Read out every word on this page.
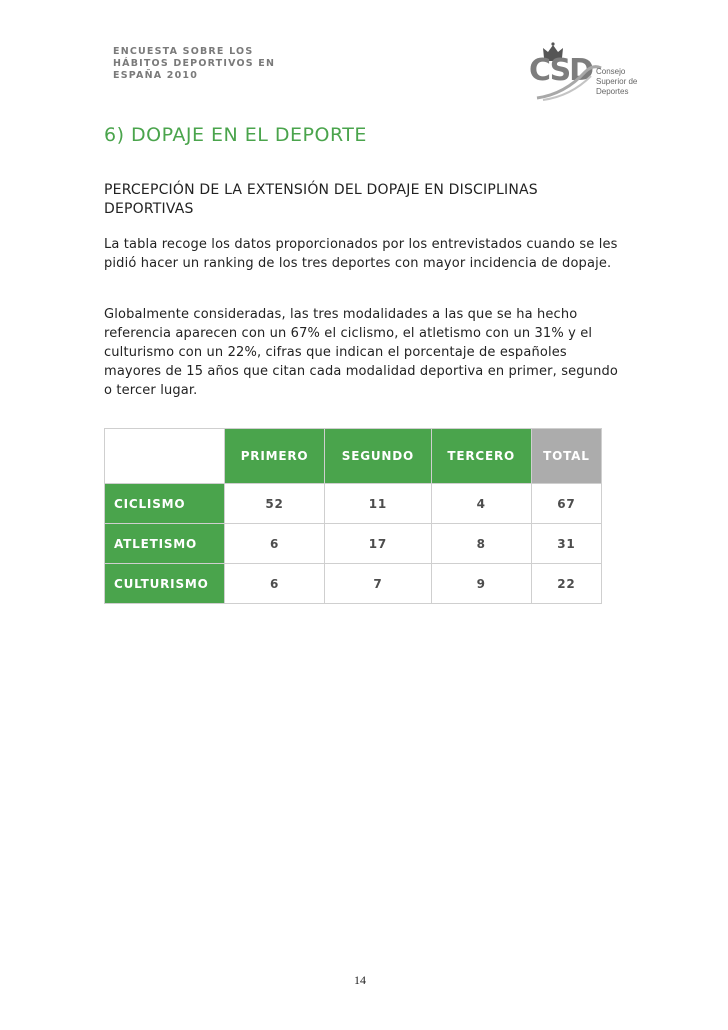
ENCUESTA SOBRE LOS
HÁBITOS DEPORTIVOS EN
ESPAÑA 2010	CSD Consejo
Superior de
Deportes
6) DOPAJE EN EL DEPORTE
PERCEPCIÓN DE LA EXTENSIÓN DEL DOPAJE EN DISCIPLINAS DEPORTIVAS
La tabla recoge los datos proporcionados por los entrevistados cuando se les pidió hacer un ranking de los tres deportes con mayor incidencia de dopaje.
Globalmente consideradas, las tres modalidades a las que se ha hecho referencia aparecen con un 67% el ciclismo, el atletismo con un 31% y el culturismo con un 22%, cifras que indican el porcentaje de españoles mayores de 15 años que citan cada modalidad deportiva en primer, segundo o tercer lugar.
	PRIMERO	SEGUNDO	TERCERO	TOTAL
CICLISMO	52	11	4	67
ATLETISMO	6	17	8	31
CULTURISMO	6	7	9	22
14
